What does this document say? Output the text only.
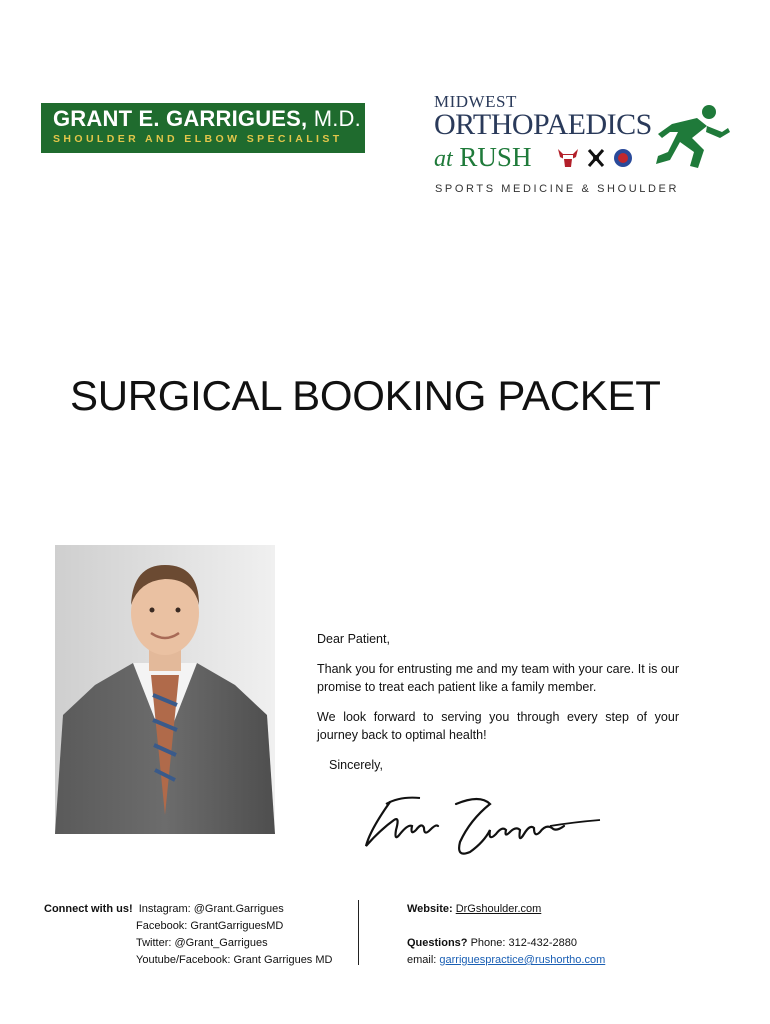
GRANT E. GARRIGUES, M.D.
SHOULDER AND ELBOW SPECIALIST
MIDWEST
ORTHOPAEDICS
at RUSH
SPORTS MEDICINE & SHOULDER
SURGICAL BOOKING PACKET

Dear Patient,

Thank you for entrusting me and my team with your care. It is our promise to treat each patient like a family member.

We look forward to serving you through every step of your journey back to optimal health!

Sincerely,

Connect with us! Instagram: @Grant.Garrigues
Facebook: GrantGarriguesMD
Twitter: @Grant_Garrigues
Youtube/Facebook: Grant Garrigues MD
Website: DrGshoulder.com
Questions? Phone: 312-432-2880
email: garriguespractice@rushortho.com
